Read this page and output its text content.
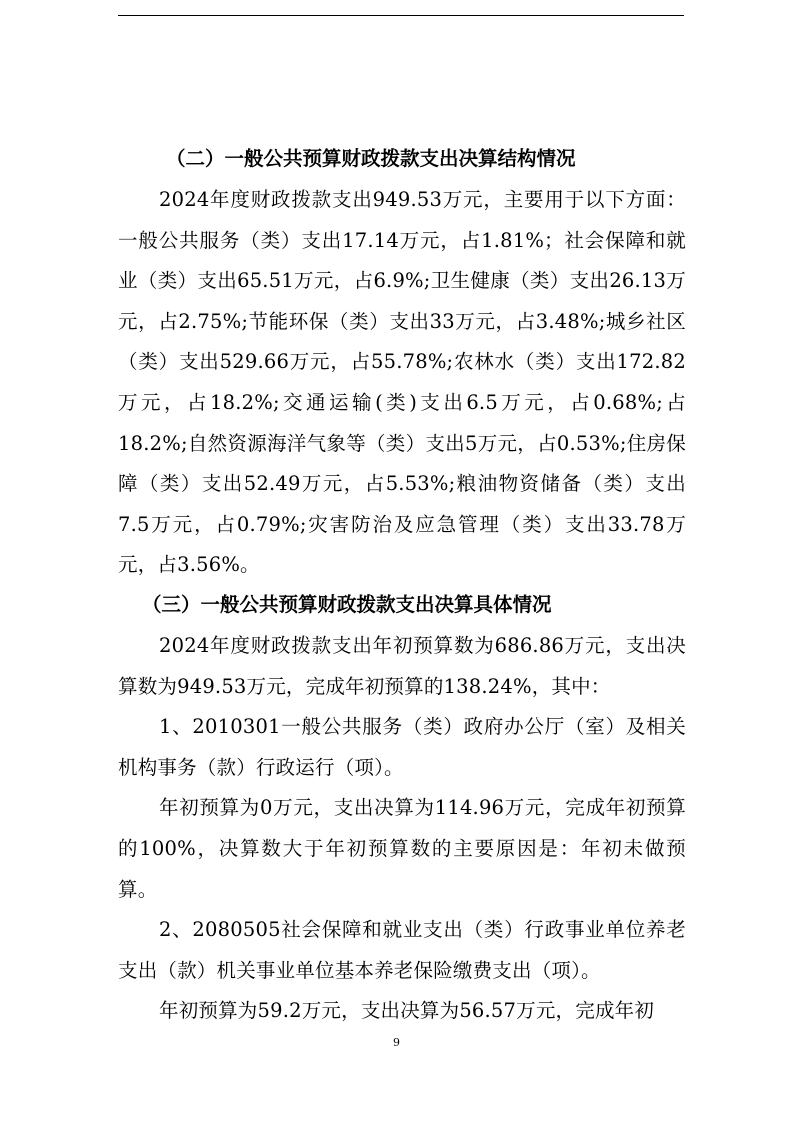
（二）一般公共预算财政拨款支出决算结构情况

2024年度财政拨款支出949.53万元，主要用于以下方面：一般公共服务（类）支出17.14万元，占1.81%；社会保障和就业（类）支出65.51万元，占6.9%;卫生健康（类）支出26.13万元，占2.75%;节能环保（类）支出33万元，占3.48%;城乡社区（类）支出529.66万元，占55.78%;农林水（类）支出172.82万元，占18.2%;交通运输(类)支出6.5万元，占0.68%;占18.2%;自然资源海洋气象等（类）支出5万元，占0.53%;住房保障（类）支出52.49万元，占5.53%;粮油物资储备（类）支出7.5万元，占0.79%;灾害防治及应急管理（类）支出33.78万元，占3.56%。

（三）一般公共预算财政拨款支出决算具体情况

2024年度财政拨款支出年初预算数为686.86万元，支出决算数为949.53万元，完成年初预算的138.24%，其中：

1、2010301一般公共服务（类）政府办公厅（室）及相关机构事务（款）行政运行（项）。

年初预算为0万元，支出决算为114.96万元，完成年初预算的100%，决算数大于年初预算数的主要原因是：年初未做预算。

2、2080505社会保障和就业支出（类）行政事业单位养老支出（款）机关事业单位基本养老保险缴费支出（项）。

年初预算为59.2万元，支出决算为56.57万元，完成年初

9
